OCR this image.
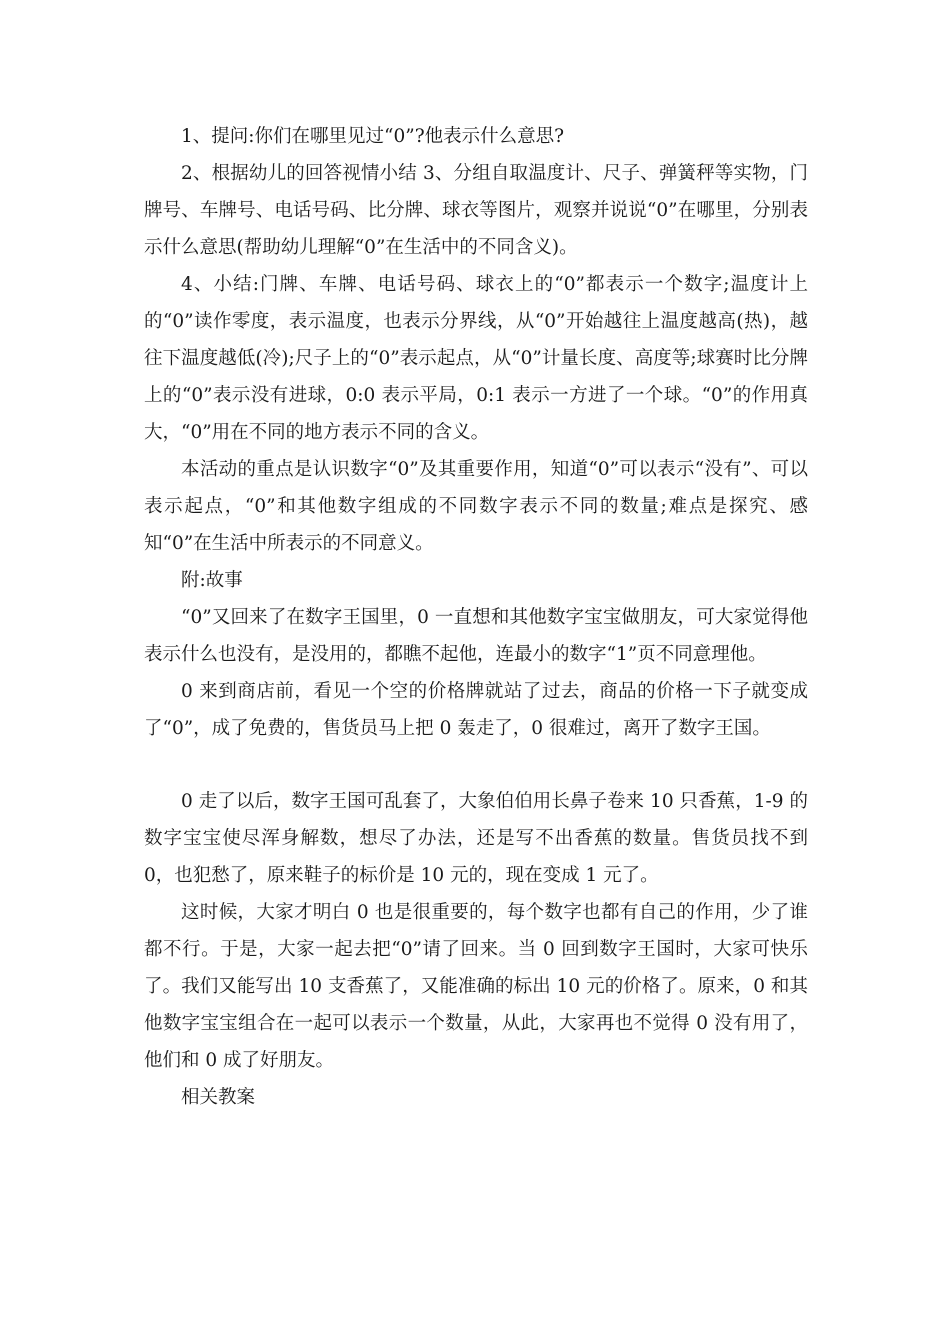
1、提问:你们在哪里见过“0”?他表示什么意思?

2、根据幼儿的回答视情小结 3、分组自取温度计、尺子、弹簧秤等实物，门牌号、车牌号、电话号码、比分牌、球衣等图片，观察并说说“0”在哪里，分别表示什么意思(帮助幼儿理解“0”在生活中的不同含义)。

4、小结:门牌、车牌、电话号码、球衣上的“0”都表示一个数字;温度计上的“0”读作零度，表示温度，也表示分界线，从“0”开始越往上温度越高(热)，越往下温度越低(冷);尺子上的“0”表示起点，从“0”计量长度、高度等;球赛时比分牌上的“0”表示没有进球，0:0 表示平局，0:1 表示一方进了一个球。“0”的作用真大，“0”用在不同的地方表示不同的含义。

本活动的重点是认识数字“0”及其重要作用，知道“0”可以表示“没有”、可以表示起点，“0”和其他数字组成的不同数字表示不同的数量;难点是探究、感知“0”在生活中所表示的不同意义。

附:故事

“0”又回来了在数字王国里，0 一直想和其他数字宝宝做朋友，可大家觉得他表示什么也没有，是没用的，都瞧不起他，连最小的数字“1”页不同意理他。

0 来到商店前，看见一个空的价格牌就站了过去，商品的价格一下子就变成了“0”，成了免费的，售货员马上把 0 轰走了，0 很难过，离开了数字王国。

0 走了以后，数字王国可乱套了，大象伯伯用长鼻子卷来 10 只香蕉，1-9 的数字宝宝使尽浑身解数，想尽了办法，还是写不出香蕉的数量。售货员找不到 0，也犯愁了，原来鞋子的标价是 10 元的，现在变成 1 元了。

这时候，大家才明白 0 也是很重要的，每个数字也都有自己的作用，少了谁都不行。于是，大家一起去把“0”请了回来。当 0 回到数字王国时，大家可快乐了。我们又能写出 10 支香蕉了，又能准确的标出 10 元的价格了。原来，0 和其他数字宝宝组合在一起可以表示一个数量，从此，大家再也不觉得 0 没有用了，他们和 0 成了好朋友。

相关教案
